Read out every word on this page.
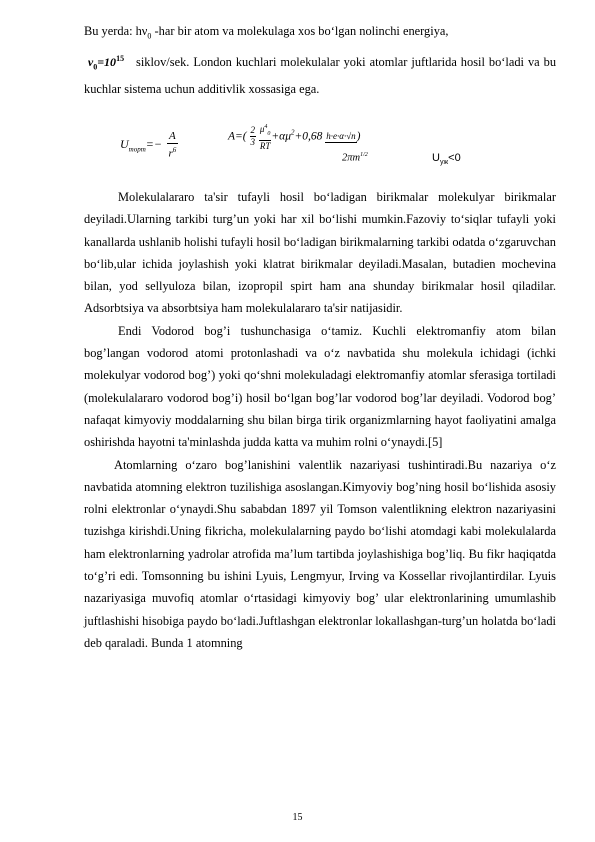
Bu yerda: $h\nu_0$ -har bir atom va molekulaga xos bo‘lgan nolinchi energiya,
$\nu_0=10^{15}$   siklov/sek. London kuchlari molekulalar yoki atomlar juftlarida hosil bo‘ladi va bu kuchlar sistema uchun additivlik xossasiga ega.

$U_{mopm}=- \frac{A}{r^6}$	$A=( \frac{2}{3}$
$\frac{\mu^4_0}{RT} +\alpha\mu^2+0,68$ h·e·α·√n )
$2\pi m^{1/2}$	$U_{yж}<0$

Molekulalararo ta'sir tufayli hosil bo‘ladigan birikmalar molekulyar birikmalar deyiladi.Ularning tarkibi turg’un yoki har xil bo‘lishi mumkin.Fazoviy to‘siqlar tufayli yoki kanallarda ushlanib holishi tufayli hosil bo‘ladigan birikmalarning tarkibi odatda o‘zgaruvchan bo‘lib,ular ichida joylashish yoki klatrat birikmalar deyiladi.Masalan, butadien mochevina bilan, yod sellyuloza bilan, izopropil spirt ham ana shunday birikmalar hosil qiladilar. Adsorbtsiya va absorbtsiya ham molekulalararo ta'sir natijasidir.

Endi Vodorod bog’i tushunchasiga o‘tamiz. Kuchli elektromanfiy atom bilan bog’langan vodorod atomi protonlashadi va o‘z navbatida shu molekula ichidagi (ichki molekulyar vodorod bog’) yoki qo‘shni molekuladagi elektromanfiy atomlar sferasiga tortiladi (molekulalararo vodorod bog’i) hosil bo‘lgan bog’lar vodorod bog’lar deyiladi. Vodorod bog’ nafaqat kimyoviy moddalarning shu bilan birga tirik organizmlarning hayot faoliyatini amalga oshirishda hayotni ta'minlashda judda katta va muhim rolni o‘ynaydi.[5]

Atomlarning o‘zaro bog’lanishini valentlik nazariyasi tushintiradi.Bu nazariya o‘z navbatida atomning elektron tuzilishiga asoslangan.Kimyoviy bog’ning hosil bo‘lishida asosiy rolni elektronlar o‘ynaydi.Shu sababdan 1897 yil Tomson valentlikning elektron nazariyasini tuzishga kirishdi.Uning fikricha, molekulalarning paydo bo‘lishi atomdagi kabi molekulalarda ham elektronlarning yadrolar atrofida ma’lum tartibda joylashishiga bog’liq. Bu fikr haqiqatda to‘g’ri edi. Tomsonning bu ishini Lyuis, Lengmyur, Irving va Kossellar rivojlantirdilar. Lyuis nazariyasiga muvofiq atomlar o‘rtasidagi kimyoviy bog’ ular elektronlarining umumlashib juftlashishi hisobiga paydo bo‘ladi.Juftlashgan elektronlar lokallashgan-turg’un holatda bo‘ladi deb qaraladi. Bunda 1 atomning

15
